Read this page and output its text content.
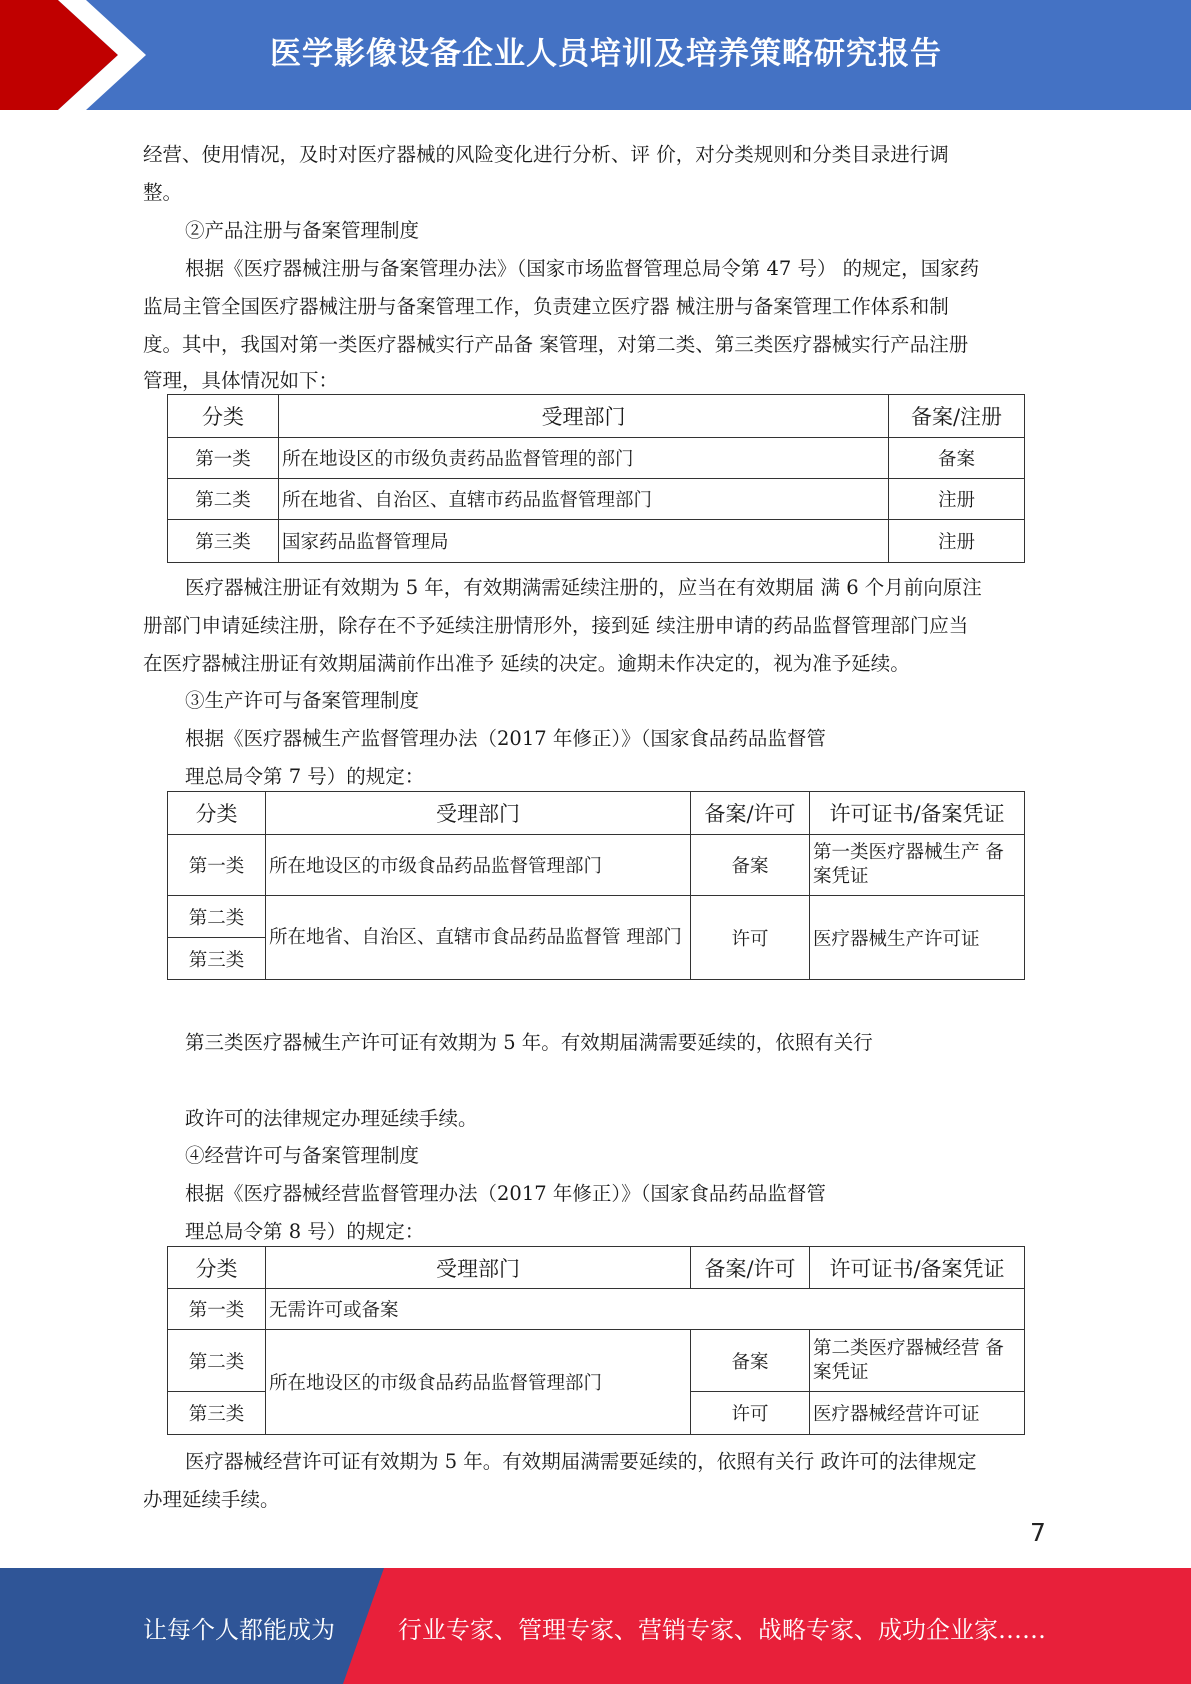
医学影像设备企业人员培训及培养策略研究报告
经营、使用情况，及时对医疗器械的风险变化进行分析、评 价，对分类规则和分类目录进行调
整。
②产品注册与备案管理制度
根据《医疗器械注册与备案管理办法》（国家市场监督管理总局令第 47 号） 的规定，国家药
监局主管全国医疗器械注册与备案管理工作，负责建立医疗器 械注册与备案管理工作体系和制
度。其中，我国对第一类医疗器械实行产品备 案管理，对第二类、第三类医疗器械实行产品注册
管理，具体情况如下：
分类	受理部门	备案/注册
第一类	所在地设区的市级负责药品监督管理的部门	备案
第二类	所在地省、自治区、直辖市药品监督管理部门	注册
第三类	国家药品监督管理局	注册
医疗器械注册证有效期为 5 年，有效期满需延续注册的，应当在有效期届 满 6 个月前向原注
册部门申请延续注册，除存在不予延续注册情形外，接到延 续注册申请的药品监督管理部门应当
在医疗器械注册证有效期届满前作出准予 延续的决定。逾期未作决定的，视为准予延续。
③生产许可与备案管理制度
根据《医疗器械生产监督管理办法（2017 年修正）》（国家食品药品监督管
理总局令第 7 号）的规定：
分类	受理部门	备案/许可	许可证书/备案凭证
第一类	所在地设区的市级食品药品监督管理部门	备案	第一类医疗器械生产 备案凭证
第二类	所在地省、自治区、直辖市食品药品监督管 理部门	许可	医疗器械生产许可证
第三类			
第三类医疗器械生产许可证有效期为 5 年。有效期届满需要延续的，依照有关行
政许可的法律规定办理延续手续。
④经营许可与备案管理制度
根据《医疗器械经营监督管理办法（2017 年修正）》（国家食品药品监督管
理总局令第 8 号）的规定：
分类	受理部门	备案/许可	许可证书/备案凭证
第一类	无需许可或备案		
第二类	所在地设区的市级食品药品监督管理部门	备案	第二类医疗器械经营 备案凭证
第三类		许可	医疗器械经营许可证
医疗器械经营许可证有效期为 5 年。有效期届满需要延续的，依照有关行 政许可的法律规定
办理延续手续。
7
让每个人都能成为	行业专家、管理专家、营销专家、战略专家、成功企业家……
